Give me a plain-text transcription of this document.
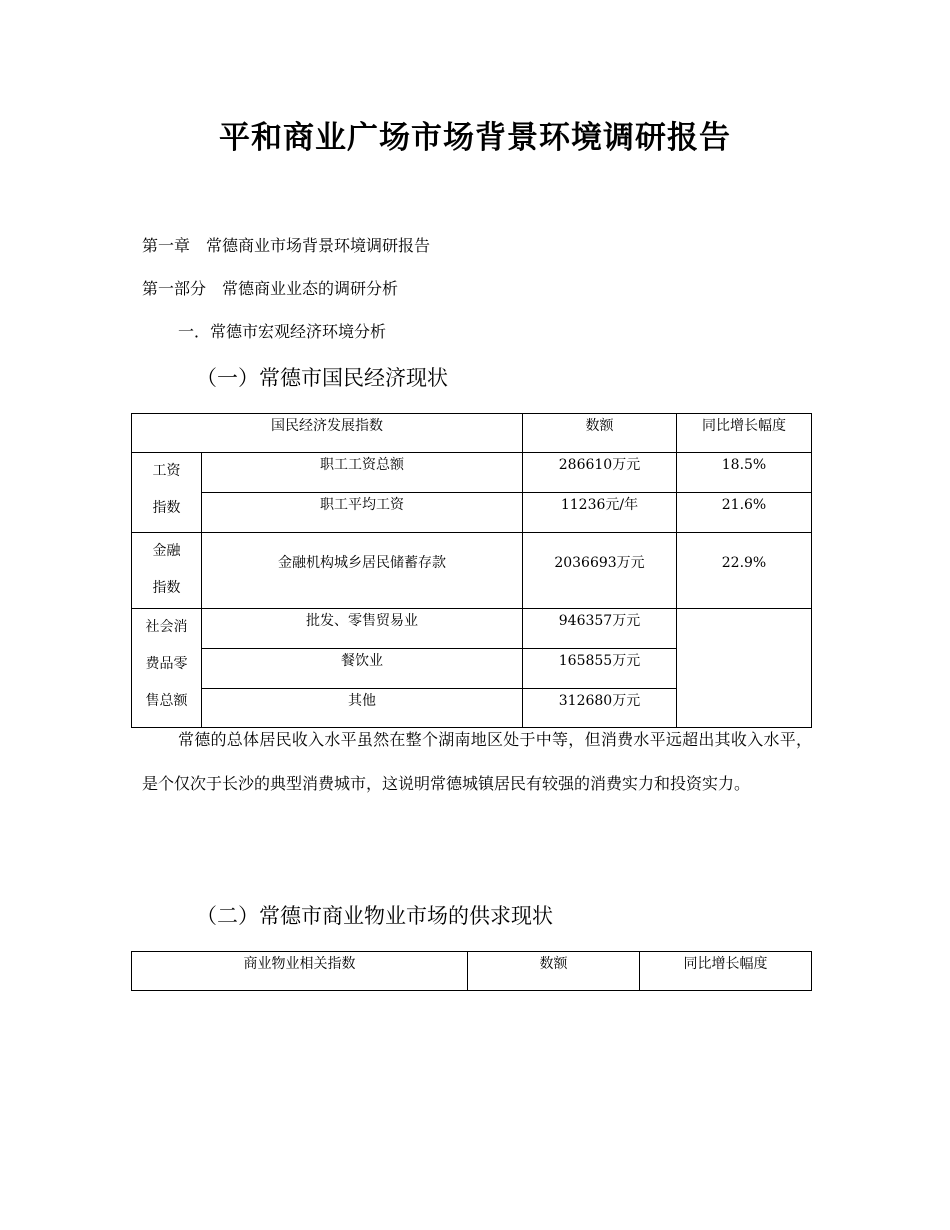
平和商业广场市场背景环境调研报告
第一章　常德商业市场背景环境调研报告
第一部分　常德商业业态的调研分析
一．常德市宏观经济环境分析
（一）常德市国民经济现状
国民经济发展指数		数额	同比增长幅度

工资
指数	职工工资总额	286610万元	18.5%

	职工平均工资	11236元/年	21.6%

金融
指数	金融机构城乡居民储蓄存款	2036693万元	22.9%

社会消
费品零
售总额	批发、零售贸易业	946357万元	

	餐饮业	165855万元	

	其他	312680万元	
常德的总体居民收入水平虽然在整个湖南地区处于中等，但消费水平远超出其收入水平，是个仅次于长沙的典型消费城市，这说明常德城镇居民有较强的消费实力和投资实力。
（二）常德市商业物业市场的供求现状
商业物业相关指数	数额	同比增长幅度
